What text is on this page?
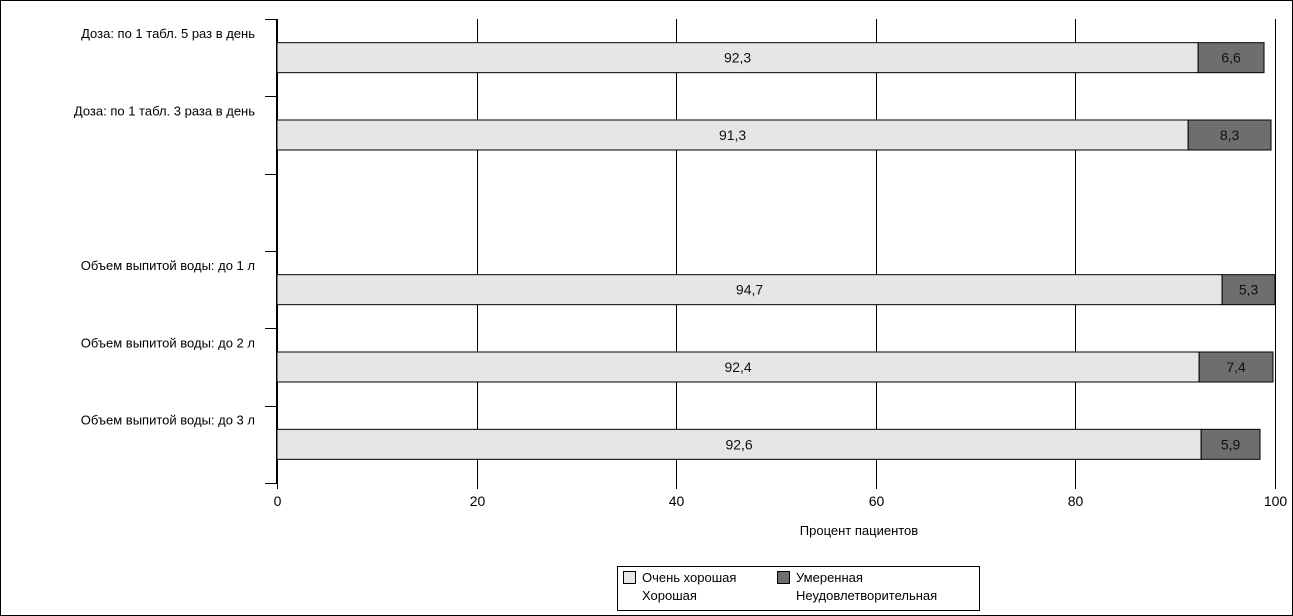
92,3	6,6
91,3	8,3
94,7	5,3
92,4	7,4
92,6	5,9
Процент пациентов
0	20	40	60	80	100
Доза: по 1 табл. 5 раз в день
Доза: по 1 табл. 3 раза в день
Объем выпитой воды: до 1 л
Объем выпитой воды: до 2 л
Объем выпитой воды: до 3 л
Очень хорошая
Хорошая
Умеренная
Неудовлетворительная
